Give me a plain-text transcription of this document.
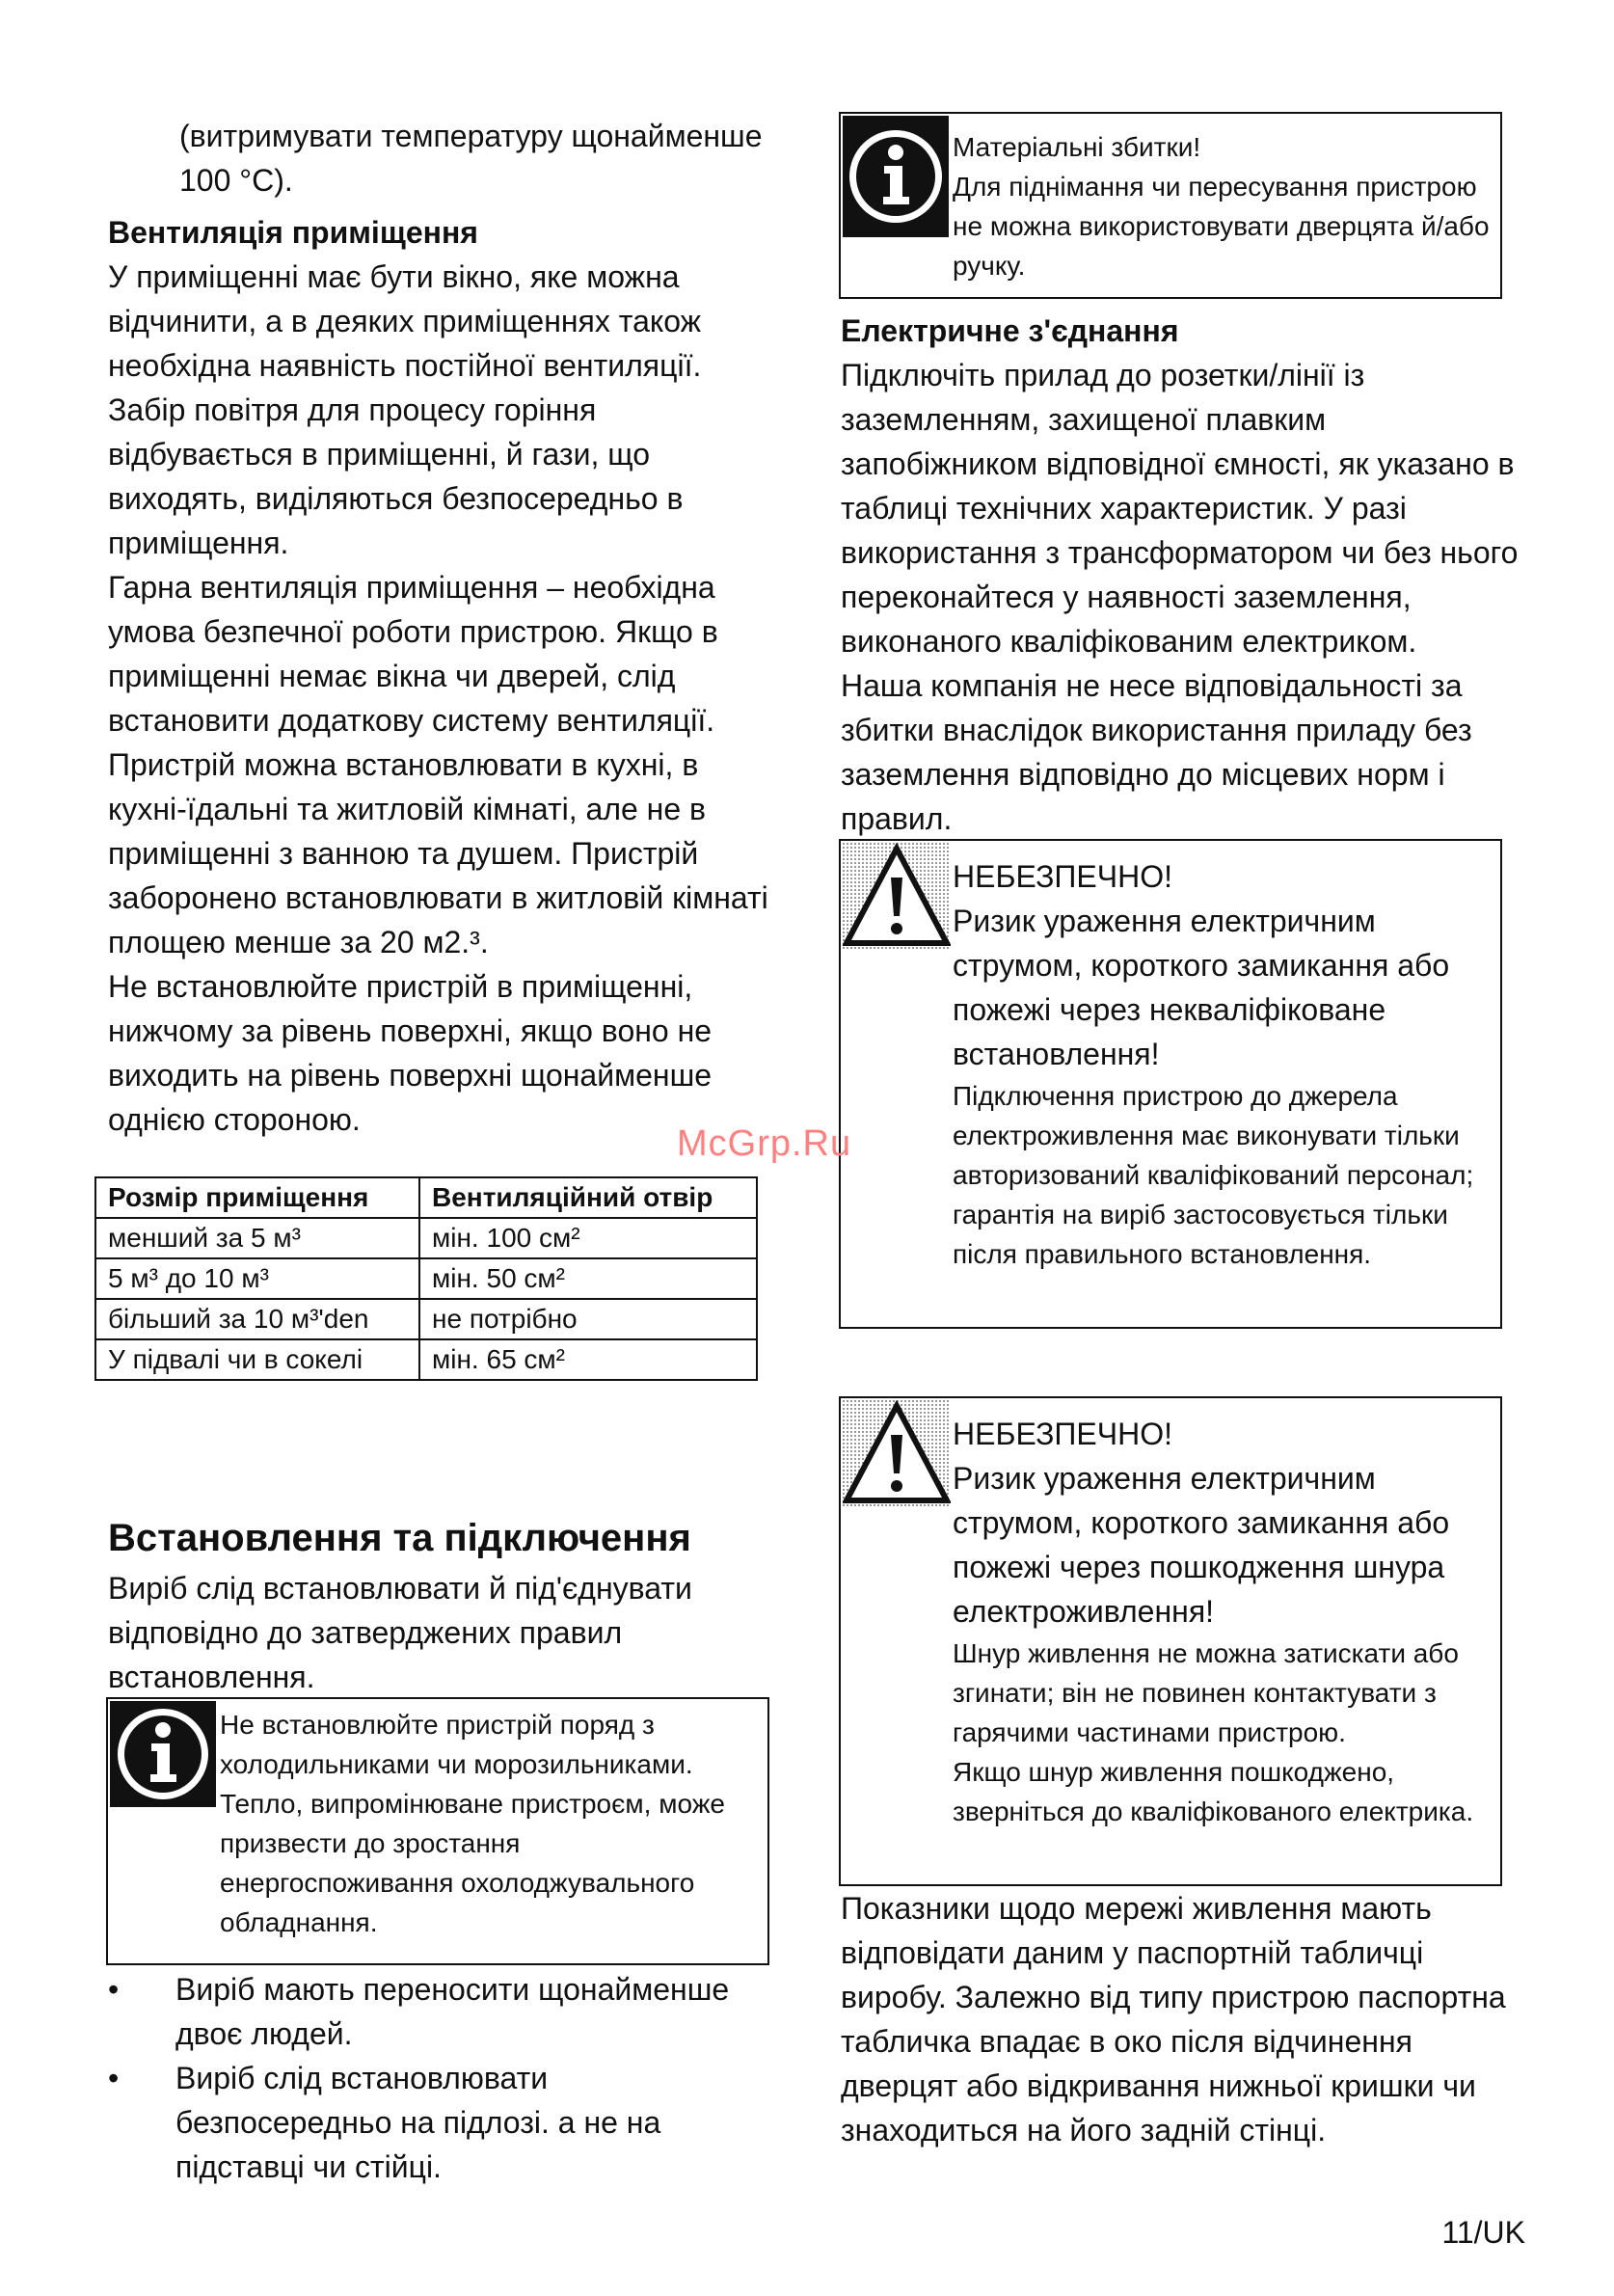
(витримувати температуру щонайменше
100 °C).
Вентиляція приміщення
У приміщенні має бути вікно, яке можна відчинити, а в деяких приміщеннях також необхідна наявність постійної вентиляції. Забір повітря для процесу горіння відбувається в приміщенні, й гази, що виходять, виділяються безпосередньо в приміщення.
Гарна вентиляція приміщення – необхідна умова безпечної роботи пристрою. Якщо в приміщенні немає вікна чи дверей, слід встановити додаткову систему вентиляції.
Пристрій можна встановлювати в кухні, в кухні-їдальні та житловій кімнаті, але не в приміщенні з ванною та душем. Пристрій заборонено встановлювати в житловій кімнаті площею менше за 20 м2.³.
Не встановлюйте пристрій в приміщенні, нижчому за рівень поверхні, якщо воно не виходить на рівень поверхні щонайменше однією стороною.
Розмір приміщення	Вентиляційний отвір
менший за 5 м³	мін. 100 см²
5 м³ до 10 м³	мін. 50 см²
більший за 10 м³'den	не потрібно
У підвалі чи в сокелі	мін. 65 см²
Встановлення та підключення
Виріб слід встановлювати й під'єднувати відповідно до затверджених правил встановлення.
Не встановлюйте пристрій поряд з холодильниками чи морозильниками. Тепло, випромінюване пристроєм, може призвести до зростання енергоспоживання охолоджувального обладнання.
• Виріб мають переносити щонайменше двоє людей.
• Виріб слід встановлювати безпосередньо на підлозі. а не на підставці чи стійці.
Матеріальні збитки!
Для піднімання чи пересування пристрою не можна використовувати дверцята й/або ручку.
Електричне з'єднання
Підключіть прилад до розетки/лінії із заземленням, захищеної плавким запобіжником відповідної ємності, як указано в таблиці технічних характеристик. У разі використання з трансформатором чи без нього переконайтеся у наявності заземлення, виконаного кваліфікованим електриком.
Наша компанія не несе відповідальності за збитки внаслідок використання приладу без заземлення відповідно до місцевих норм і правил.
НЕБЕЗПЕЧНО!
Ризик ураження електричним струмом, короткого замикання або пожежі через некваліфіковане встановлення!
Підключення пристрою до джерела електроживлення має виконувати тільки авторизований кваліфікований персонал; гарантія на виріб застосовується тільки після правильного встановлення.
НЕБЕЗПЕЧНО!
Ризик ураження електричним струмом, короткого замикання або пожежі через пошкодження шнура електроживлення!
Шнур живлення не можна затискати або згинати; він не повинен контактувати з гарячими частинами пристрою.
Якщо шнур живлення пошкоджено, зверніться до кваліфікованого електрика.
Показники щодо мережі живлення мають відповідати даним у паспортній табличці виробу. Залежно від типу пристрою паспортна табличка впадає в око після відчинення дверцят або відкривання нижньої кришки чи знаходиться на його задній стінці.
McGrp.Ru
11/UK
